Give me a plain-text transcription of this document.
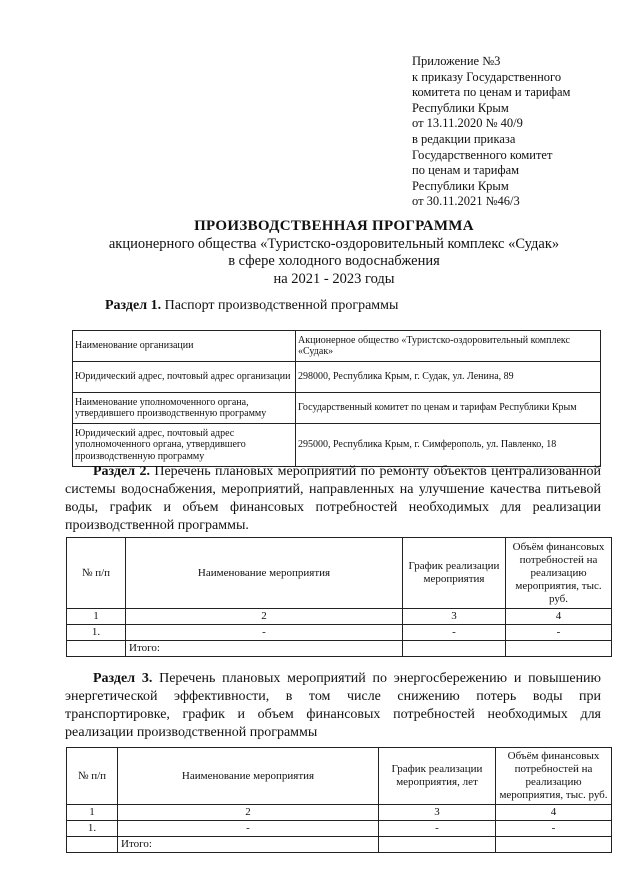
Приложение №3
к приказу Государственного
комитета по ценам и тарифам
Республики Крым
от 13.11.2020 № 40/9
в редакции приказа
Государственного комитет
по ценам и тарифам
Республики Крым
от 30.11.2021 №46/3
ПРОИЗВОДСТВЕННАЯ ПРОГРАММА
акционерного общества «Туристско-оздоровительный комплекс «Судак»
в сфере холодного водоснабжения
на 2021 - 2023 годы
Раздел 1. Паспорт производственной программы
Наименование организации	Акционерное общество «Туристско-оздоровительный комплекс «Судак»
Юридический адрес, почтовый адрес организации	298000, Республика Крым, г. Судак, ул. Ленина, 89
Наименование уполномоченного органа, утвердившего производственную программу	Государственный комитет по ценам и тарифам Республики Крым
Юридический адрес, почтовый адрес уполномоченного органа, утвердившего производственную программу	295000, Республика Крым, г. Симферополь, ул. Павленко, 18
Раздел 2. Перечень плановых мероприятий по ремонту объектов централизованной системы водоснабжения, мероприятий, направленных на улучшение качества питьевой воды, график и объем финансовых потребностей необходимых для реализации производственной программы.
№ п/п	Наименование мероприятия	График реализации мероприятия	Объём финансовых потребностей на реализацию мероприятия, тыс. руб.
1	2	3	4
1.	-	-	-
	Итого:		
Раздел 3. Перечень плановых мероприятий по энергосбережению и повышению энергетической эффективности, в том числе снижению потерь воды при транспортировке, график и объем финансовых потребностей необходимых для реализации производственной программы
№ п/п	Наименование мероприятия	График реализации мероприятия, лет	Объём финансовых потребностей на реализацию мероприятия, тыс. руб.
1	2	3	4
1.	-	-	-
	Итого:		
